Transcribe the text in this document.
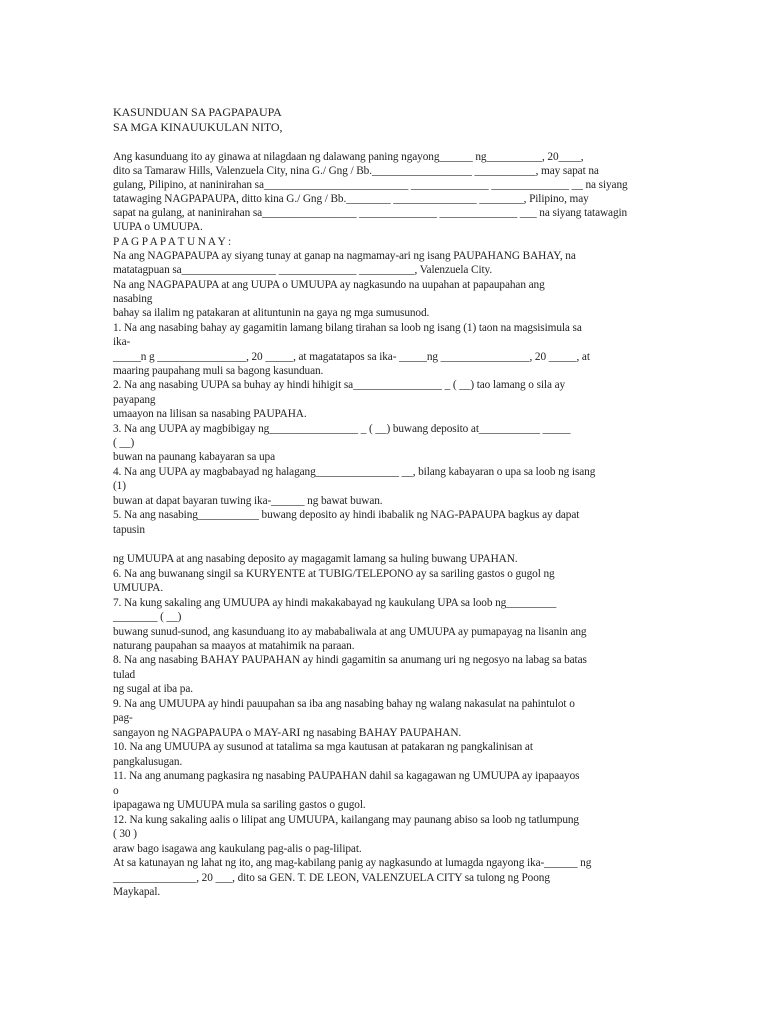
KASUNDUAN SA PAGPAPAUPA
SA MGA KINAUUKULAN NITO,
Ang kasunduang ito ay ginawa at nilagdaan ng dalawang paning ngayong______ ng__________, 20____,
dito sa Tamaraw Hills, Valenzuela City, nina G./ Gng / Bb.__________________ ___________, may sapat na
gulang, Pilipino, at naninirahan sa__________________________ ______________ ______________ __ na siyang
tatawaging NAGPAPAUPA, ditto kina G./ Gng / Bb.________ _______________ ________, Pilipino, may
sapat na gulang, at naninirahan sa_________________ ______________ ______________ ___ na siyang tatawagin
UUPA o UMUUPA.
P A G P A P A T U N A Y :
Na ang NAGPAPAUPA ay siyang tunay at ganap na nagmamay-ari ng isang PAUPAHANG BAHAY, na
matatagpuan sa_________________ ______________ __________, Valenzuela City.
Na ang NAGPAPAUPA at ang UUPA o UMUUPA ay nagkasundo na uupahan at papaupahan ang
nasabing
bahay sa ilalim ng patakaran at alituntunin na gaya ng mga sumusunod.
1. Na ang nasabing bahay ay gagamitin lamang bilang tirahan sa loob ng isang (1) taon na magsisimula sa
ika-
_____n g ________________, 20 _____, at magatatapos sa ika- _____ng ________________, 20 _____, at
maaring paupahang muli sa bagong kasunduan.
2. Na ang nasabing UUPA sa buhay ay hindi hihigit sa________________ _ ( __) tao lamang o sila ay
payapang
umaayon na lilisan sa nasabing PAUPAHA.
3. Na ang UUPA ay magbibigay ng________________ _ ( __) buwang deposito at___________ _____
( __)
buwan na paunang kabayaran sa upa
4. Na ang UUPA ay magbabayad ng halagang_______________ __, bilang kabayaran o upa sa loob ng isang
(1)
buwan at dapat bayaran tuwing ika-______ ng bawat buwan.
5. Na ang nasabing___________ buwang deposito ay hindi ibabalik ng NAG-PAPAUPA bagkus ay dapat
tapusin
ng UMUUPA at ang nasabing deposito ay magagamit lamang sa huling buwang UPAHAN.
6. Na ang buwanang singil sa KURYENTE at TUBIG/TELEPONO ay sa sariling gastos o gugol ng
UMUUPA.
7. Na kung sakaling ang UMUUPA ay hindi makakabayad ng kaukulang UPA sa loob ng_________
________ ( __)
buwang sunud-sunod, ang kasunduang ito ay mababaliwala at ang UMUUPA ay pumapayag na lisanin ang
naturang paupahan sa maayos at matahimik na paraan.
8. Na ang nasabing BAHAY PAUPAHAN ay hindi gagamitin sa anumang uri ng negosyo na labag sa batas
tulad
ng sugal at iba pa.
9. Na ang UMUUPA ay hindi pauupahan sa iba ang nasabing bahay ng walang nakasulat na pahintulot o
pag-
sangayon ng NAGPAPAUPA o MAY-ARI ng nasabing BAHAY PAUPAHAN.
10. Na ang UMUUPA ay susunod at tatalima sa mga kautusan at patakaran ng pangkalinisan at
pangkalusugan.
11. Na ang anumang pagkasira ng nasabing PAUPAHAN dahil sa kagagawan ng UMUUPA ay ipapaayos
o
ipapagawa ng UMUUPA mula sa sariling gastos o gugol.
12. Na kung sakaling aalis o lilipat ang UMUUPA, kailangang may paunang abiso sa loob ng tatlumpung
( 30 )
araw bago isagawa ang kaukulang pag-alis o pag-lilipat.
At sa katunayan ng lahat ng ito, ang mag-kabilang panig ay nagkasundo at lumagda ngayong ika-______ ng
_______________, 20 ___, dito sa GEN. T. DE LEON, VALENZUELA CITY sa tulong ng Poong
Maykapal.
